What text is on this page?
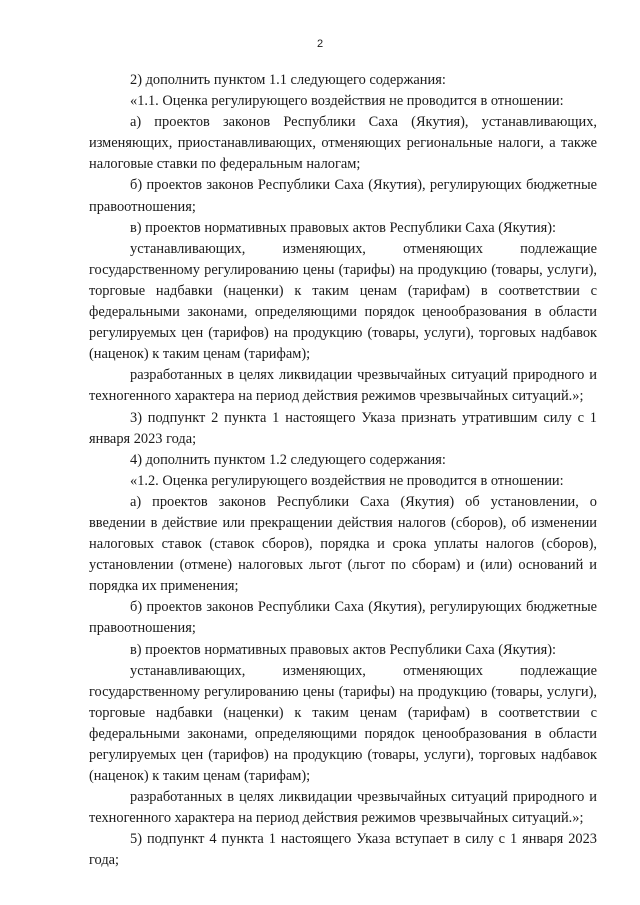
2

2) дополнить пунктом 1.1 следующего содержания:

«1.1. Оценка регулирующего воздействия не проводится в отношении:

а) проектов законов Республики Саха (Якутия), устанавливающих, изменяющих, приостанавливающих, отменяющих региональные налоги, а также налоговые ставки по федеральным налогам;

б) проектов законов Республики Саха (Якутия), регулирующих бюджетные правоотношения;

в) проектов нормативных правовых актов Республики Саха (Якутия):

устанавливающих, изменяющих, отменяющих подлежащие государственному регулированию цены (тарифы) на продукцию (товары, услуги), торговые надбавки (наценки) к таким ценам (тарифам) в соответствии с федеральными законами, определяющими порядок ценообразования в области регулируемых цен (тарифов) на продукцию (товары, услуги), торговых надбавок (наценок) к таким ценам (тарифам);

разработанных в целях ликвидации чрезвычайных ситуаций природного и техногенного характера на период действия режимов чрезвычайных ситуаций.»;

3) подпункт 2 пункта 1 настоящего Указа признать утратившим силу с 1 января 2023 года;

4) дополнить пунктом 1.2 следующего содержания:

«1.2. Оценка регулирующего воздействия не проводится в отношении:

а) проектов законов Республики Саха (Якутия) об установлении, о введении в действие или прекращении действия налогов (сборов), об изменении налоговых ставок (ставок сборов), порядка и срока уплаты налогов (сборов), установлении (отмене) налоговых льгот (льгот по сборам) и (или) оснований и порядка их применения;

б) проектов законов Республики Саха (Якутия), регулирующих бюджетные правоотношения;

в) проектов нормативных правовых актов Республики Саха (Якутия):

устанавливающих, изменяющих, отменяющих подлежащие государственному регулированию цены (тарифы) на продукцию (товары, услуги), торговые надбавки (наценки) к таким ценам (тарифам) в соответствии с федеральными законами, определяющими порядок ценообразования в области регулируемых цен (тарифов) на продукцию (товары, услуги), торговых надбавок (наценок) к таким ценам (тарифам);

разработанных в целях ликвидации чрезвычайных ситуаций природного и техногенного характера на период действия режимов чрезвычайных ситуаций.»;

5) подпункт 4 пункта 1 настоящего Указа вступает в силу с 1 января 2023 года;
